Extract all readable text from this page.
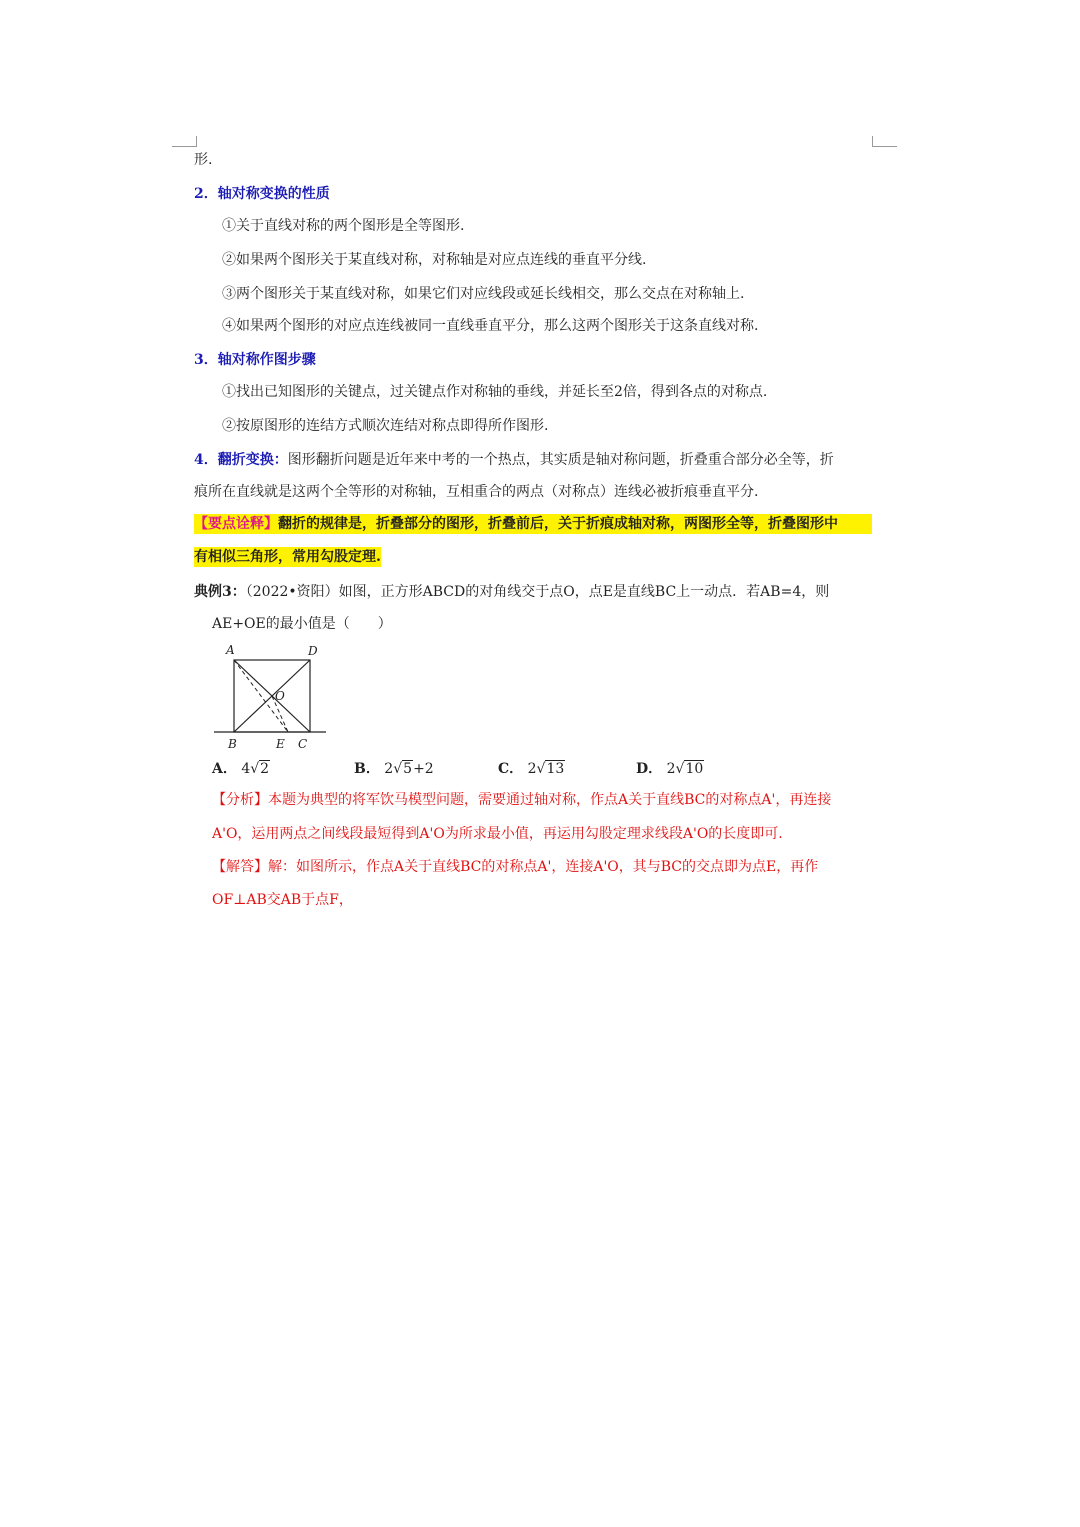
形.
2．轴对称变换的性质
①关于直线对称的两个图形是全等图形.
②如果两个图形关于某直线对称，对称轴是对应点连线的垂直平分线.
③两个图形关于某直线对称，如果它们对应线段或延长线相交，那么交点在对称轴上.
④如果两个图形的对应点连线被同一直线垂直平分，那么这两个图形关于这条直线对称.
3．轴对称作图步骤
①找出已知图形的关键点，过关键点作对称轴的垂线，并延长至2倍，得到各点的对称点.
②按原图形的连结方式顺次连结对称点即得所作图形.
4．翻折变换：图形翻折问题是近年来中考的一个热点，其实质是轴对称问题，折叠重合部分必全等，折
痕所在直线就是这两个全等形的对称轴，互相重合的两点（对称点）连线必被折痕垂直平分.
【要点诠释】翻折的规律是，折叠部分的图形，折叠前后，关于折痕成轴对称，两图形全等，折叠图形中
有相似三角形，常用勾股定理.
典例3：（2022•资阳）如图，正方形ABCD的对角线交于点O，点E是直线BC上一动点．若AB=4，则
AE+OE的最小值是（　　）
A	D
O
B	E C
A． 4√2	B． 2√5+2	C． 2√13	D． 2√10
【分析】本题为典型的将军饮马模型问题，需要通过轴对称，作点A关于直线BC的对称点A'，再连接
A'O，运用两点之间线段最短得到A'O为所求最小值，再运用勾股定理求线段A'O的长度即可.
【解答】解：如图所示，作点A关于直线BC的对称点A'，连接A'O，其与BC的交点即为点E，再作
OF⊥AB交AB于点F，
